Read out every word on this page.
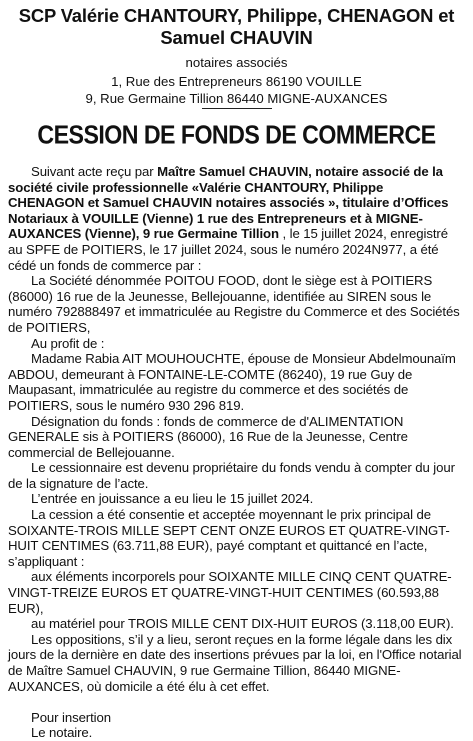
SCP Valérie CHANTOURY, Philippe, CHENAGON et Samuel CHAUVIN

notaires associés

1, Rue des Entrepreneurs 86190 VOUILLE

9, Rue Germaine Tillion 86440 MIGNE-AUXANCES

CESSION DE FONDS DE COMMERCE

Suivant acte reçu par Maître Samuel CHAUVIN, notaire associé de la société civile professionnelle «Valérie CHANTOURY, Philippe CHENAGON et Samuel CHAUVIN notaires associés », titulaire d’Offices Notariaux à VOUILLE (Vienne) 1 rue des Entrepreneurs et à MIGNE-AUXANCES (Vienne), 9 rue Germaine Tillion , le 15 juillet 2024, enregistré au SPFE de POITIERS, le 17 juillet 2024, sous le numéro 2024N977, a été cédé un fonds de commerce par :

La Société dénommée POITOU FOOD, dont le siège est à POITIERS (86000) 16 rue de la Jeunesse, Bellejouanne, identifiée au SIREN sous le numéro 792888497 et immatriculée au Registre du Commerce et des Sociétés de POITIERS,

Au profit de :

Madame Rabia AIT MOUHOUCHTE, épouse de Monsieur Abdelmounaïm ABDOU, demeurant à FONTAINE-LE-COMTE (86240), 19 rue Guy de Maupasant, immatriculée au registre du commerce et des sociétés de POITIERS, sous le numéro 930 296 819.

Désignation du fonds : fonds de commerce de d'ALIMENTATION GENERALE sis à POITIERS (86000), 16 Rue de la Jeunesse, Centre commercial de Bellejouanne.

Le cessionnaire est devenu propriétaire du fonds vendu à compter du jour de la signature de l’acte.

L’entrée en jouissance a eu lieu le 15 juillet 2024.

La cession a été consentie et acceptée moyennant le prix principal de SOIXANTE-TROIS MILLE SEPT CENT ONZE EUROS ET QUATRE-VINGT-HUIT CENTIMES (63.711,88 EUR), payé comptant et quittancé en l’acte, s’appliquant :

aux éléments incorporels pour SOIXANTE MILLE CINQ CENT QUATRE-VINGT-TREIZE EUROS ET QUATRE-VINGT-HUIT CENTIMES (60.593,88 EUR),

au matériel pour TROIS MILLE CENT DIX-HUIT EUROS (3.118,00 EUR).

Les oppositions, s’il y a lieu, seront reçues en la forme légale dans les dix jours de la dernière en date des insertions prévues par la loi, en l'Office notarial de Maître Samuel CHAUVIN, 9 rue Germaine Tillion, 86440 MIGNE-AUXANCES, où domicile a été élu à cet effet.

Pour insertion

Le notaire.
